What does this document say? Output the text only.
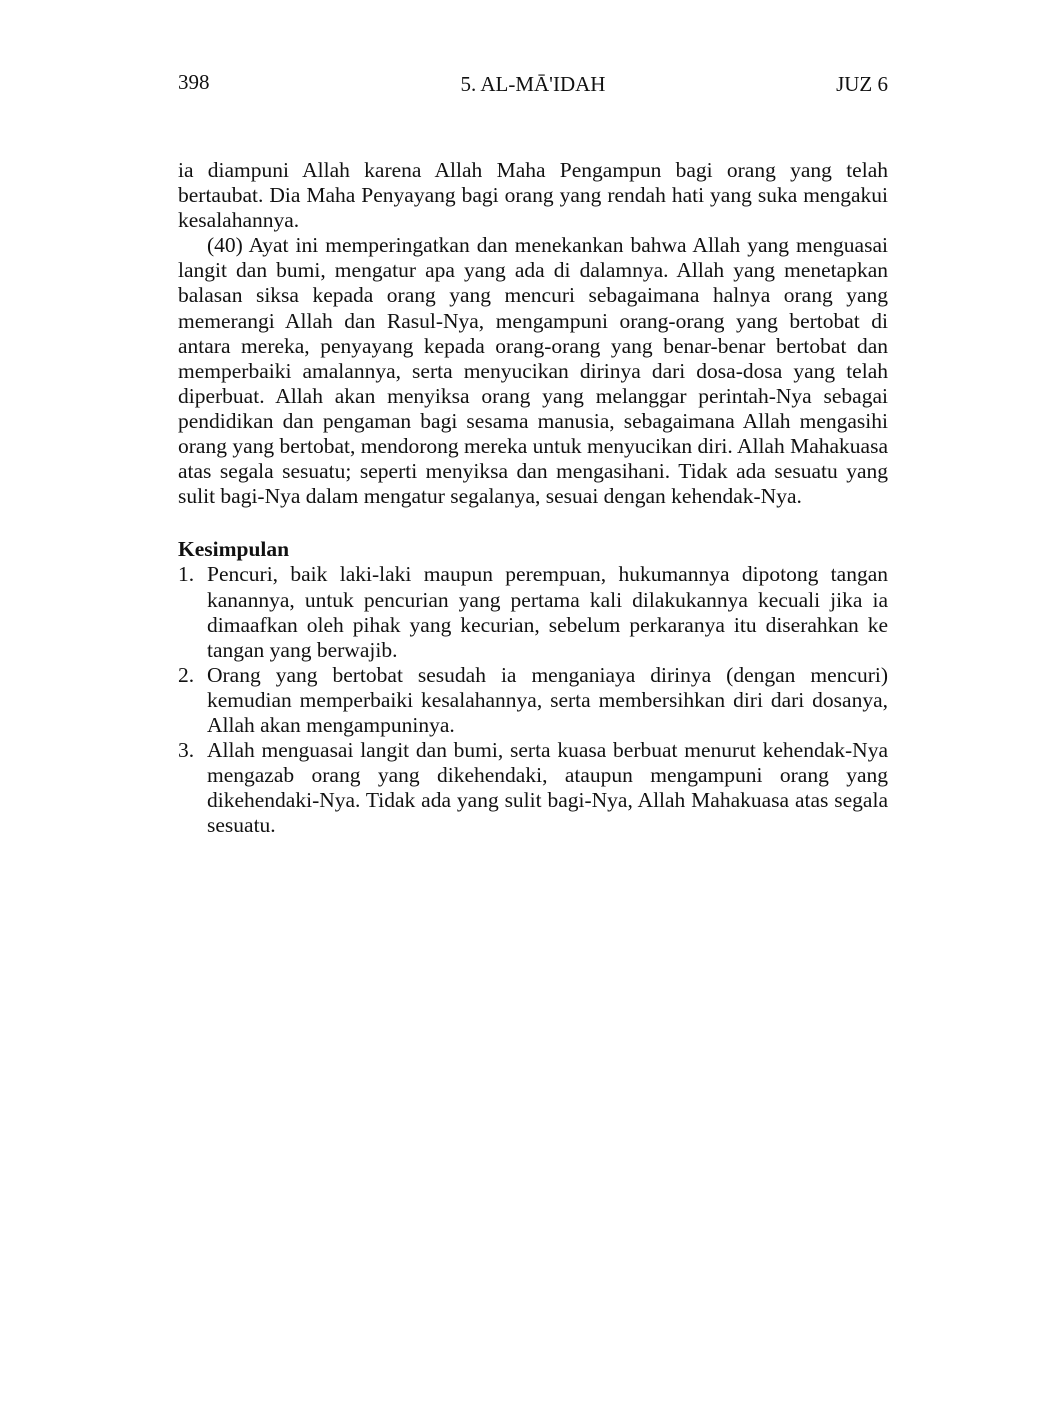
398	5. AL-MĀ'IDAH	JUZ 6

ia diampuni Allah karena Allah Maha Pengampun bagi orang yang telah bertaubat. Dia Maha Penyayang bagi orang yang rendah hati yang suka mengakui kesalahannya.

(40) Ayat ini memperingatkan dan menekankan bahwa Allah yang menguasai langit dan bumi, mengatur apa yang ada di dalamnya. Allah yang menetapkan balasan siksa kepada orang yang mencuri sebagaimana halnya orang yang memerangi Allah dan Rasul-Nya, mengampuni orang-orang yang bertobat di antara mereka, penyayang kepada orang-orang yang benar-benar bertobat dan memperbaiki amalannya, serta menyucikan dirinya dari dosa-dosa yang telah diperbuat. Allah akan menyiksa orang yang melanggar perintah-Nya sebagai pendidikan dan pengaman bagi sesama manusia, sebagaimana Allah mengasihi orang yang bertobat, mendorong mereka untuk menyucikan diri. Allah Mahakuasa atas segala sesuatu; seperti menyiksa dan mengasihani. Tidak ada sesuatu yang sulit bagi-Nya dalam mengatur segalanya, sesuai dengan kehendak-Nya.

Kesimpulan
1. Pencuri, baik laki-laki maupun perempuan, hukumannya dipotong tangan kanannya, untuk pencurian yang pertama kali dilakukannya kecuali jika ia dimaafkan oleh pihak yang kecurian, sebelum perkaranya itu diserahkan ke tangan yang berwajib.
2. Orang yang bertobat sesudah ia menganiaya dirinya (dengan mencuri) kemudian memperbaiki kesalahannya, serta membersihkan diri dari dosanya, Allah akan mengampuninya.
3. Allah menguasai langit dan bumi, serta kuasa berbuat menurut kehendak-Nya mengazab orang yang dikehendaki, ataupun mengampuni orang yang dikehendaki-Nya. Tidak ada yang sulit bagi-Nya, Allah Mahakuasa atas segala sesuatu.
